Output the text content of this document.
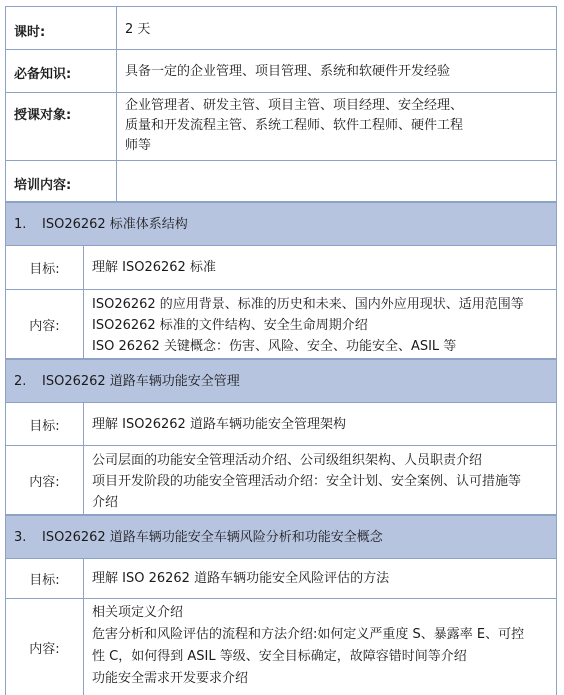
课时:	2 天
必备知识:	具备一定的企业管理、项目管理、系统和软硬件开发经验
授课对象:
企业管理者、研发主管、项目主管、项目经理、安全经理、
质量和开发流程主管、系统工程师、软件工程师、硬件工程
师等
培训内容:
1. ISO26262 标准体系结构
目标:	理解 ISO26262 标准
内容:
ISO26262 的应用背景、标准的历史和未来、国内外应用现状、适用范围等
ISO26262 标准的文件结构、安全生命周期介绍
ISO 26262 关键概念：伤害、风险、安全、功能安全、ASIL 等
2. ISO26262 道路车辆功能安全管理
目标:	理解 ISO26262 道路车辆功能安全管理架构
内容:
公司层面的功能安全管理活动介绍、公司级组织架构、人员职责介绍
项目开发阶段的功能安全管理活动介绍：安全计划、安全案例、认可措施等
介绍
3. ISO26262 道路车辆功能安全车辆风险分析和功能安全概念
目标:	理解 ISO 26262 道路车辆功能安全风险评估的方法
内容:
相关项定义介绍
危害分析和风险评估的流程和方法介绍:如何定义严重度 S、暴露率 E、可控
性 C，如何得到 ASIL 等级、安全目标确定，故障容错时间等介绍
功能安全需求开发要求介绍
